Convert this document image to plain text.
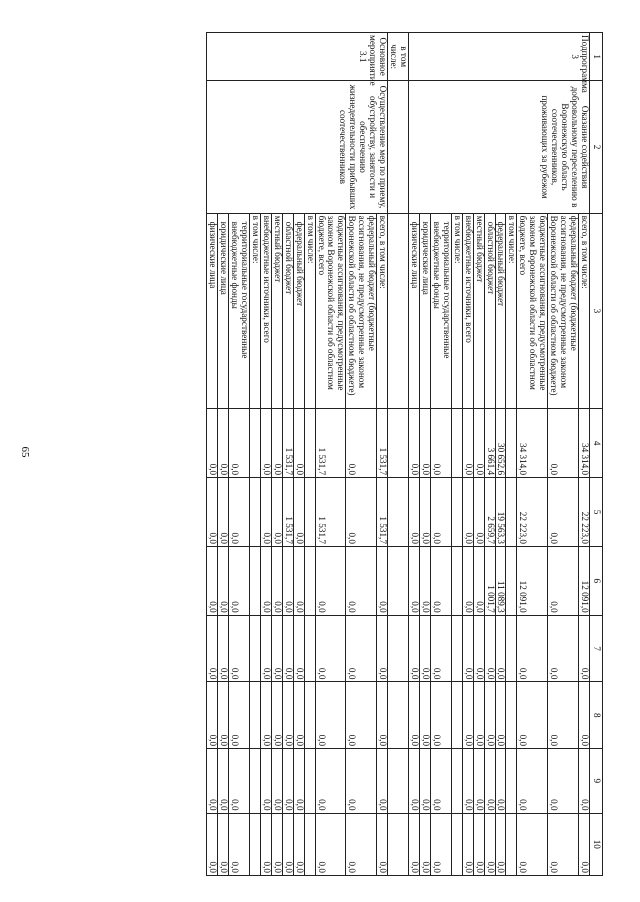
65
1	2	3	4	5	6	7	8	9	10
Подпрограмма 3	Оказание содействия добровольному переселению в Воронежскую область соотечественников, проживающих за рубежом	всего, в том числе:	34 314,0	22 223,0	12 091,0	0,0	0,0	0,0	0,0
		федеральный бюджет (бюджетные ассигнования, не предусмотренные законом Воронежской области об областном бюджете)	0,0	0,0	0,0	0,0	0,0	0,0	0,0
		бюджетные ассигнования, предусмотренные законом Воронежской области об областном бюджете, всего	34 314,0	22 223,0	12 091,0	0,0	0,0	0,0	0,0
		в том числе:							
		федеральный бюджет	30 652,6	19 563,3	11 089,3	0,0	0,0	0,0	0,0
		областной бюджет	3 661,4	2 659,7	1 001,7	0,0	0,0	0,0	0,0
		местный бюджет	0,0	0,0	0,0	0,0	0,0	0,0	0,0
		внебюджетные источники, всего	0,0	0,0	0,0	0,0	0,0	0,0	0,0
		в том числе:							
		территориальные государственные внебюджетные фонды	0,0	0,0	0,0	0,0	0,0	0,0	0,0
		юридические лица	0,0	0,0	0,0	0,0	0,0	0,0	0,0
		физические лица	0,0	0,0	0,0	0,0	0,0	0,0	0,0
в том числе:									
Основное мероприятие 3.1	Осуществление мер по приему, обустройству, занятости и обеспечению жизнедеятельности прибывших соотечественников	всего, в том числе:	1 531,7	1 531,7	0,0	0,0	0,0	0,0	0,0
		федеральный бюджет (бюджетные ассигнования, не предусмотренные законом Воронежской области об областном бюджете)	0,0	0,0	0,0	0,0	0,0	0,0	0,0
		бюджетные ассигнования, предусмотренные законом Воронежской области об областном бюджете, всего	1 531,7	1 531,7	0,0	0,0	0,0	0,0	0,0
		в том числе:							
		федеральный бюджет	0,0	0,0	0,0	0,0	0,0	0,0	0,0
		областной бюджет	1 531,7	1 531,7	0,0	0,0	0,0	0,0	0,0
		местный бюджет	0,0	0,0	0,0	0,0	0,0	0,0	0,0
		внебюджетные источники, всего	0,0	0,0	0,0	0,0	0,0	0,0	0,0
		в том числе:							
		территориальные государственные внебюджетные фонды	0,0	0,0	0,0	0,0	0,0	0,0	0,0
		юридические лица	0,0	0,0	0,0	0,0	0,0	0,0	0,0
		физические лица	0,0	0,0	0,0	0,0	0,0	0,0	0,0
